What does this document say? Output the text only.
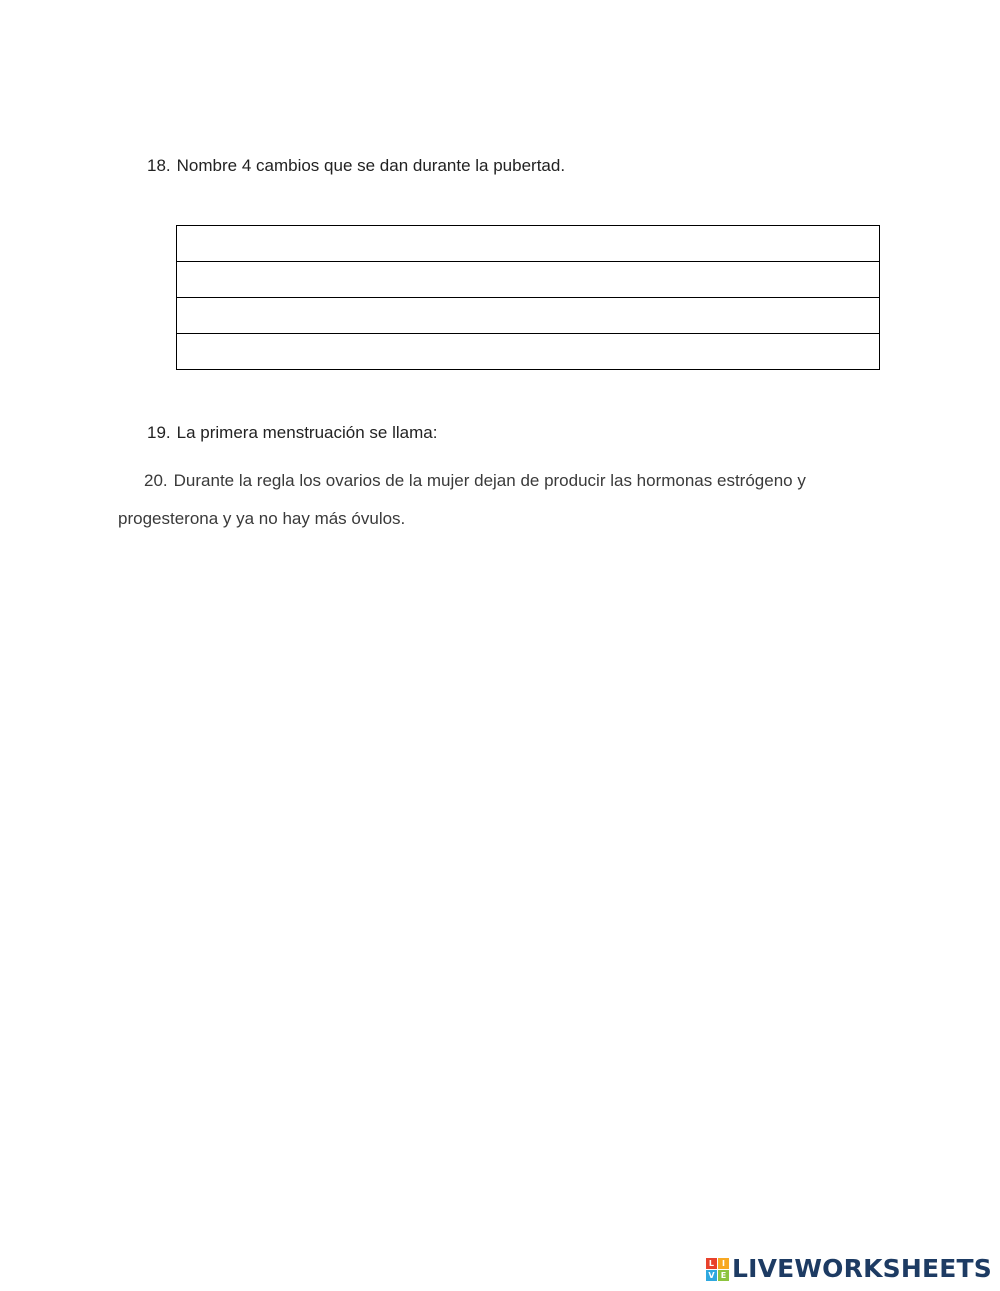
18. Nombre 4 cambios que se dan durante la pubertad.

19. La primera menstruación se llama:
20. Durante la regla los ovarios de la mujer dejan de producir las hormonas estrógeno y
progesterona y ya no hay más óvulos.
L I
V E LIVEWORKSHEETS
